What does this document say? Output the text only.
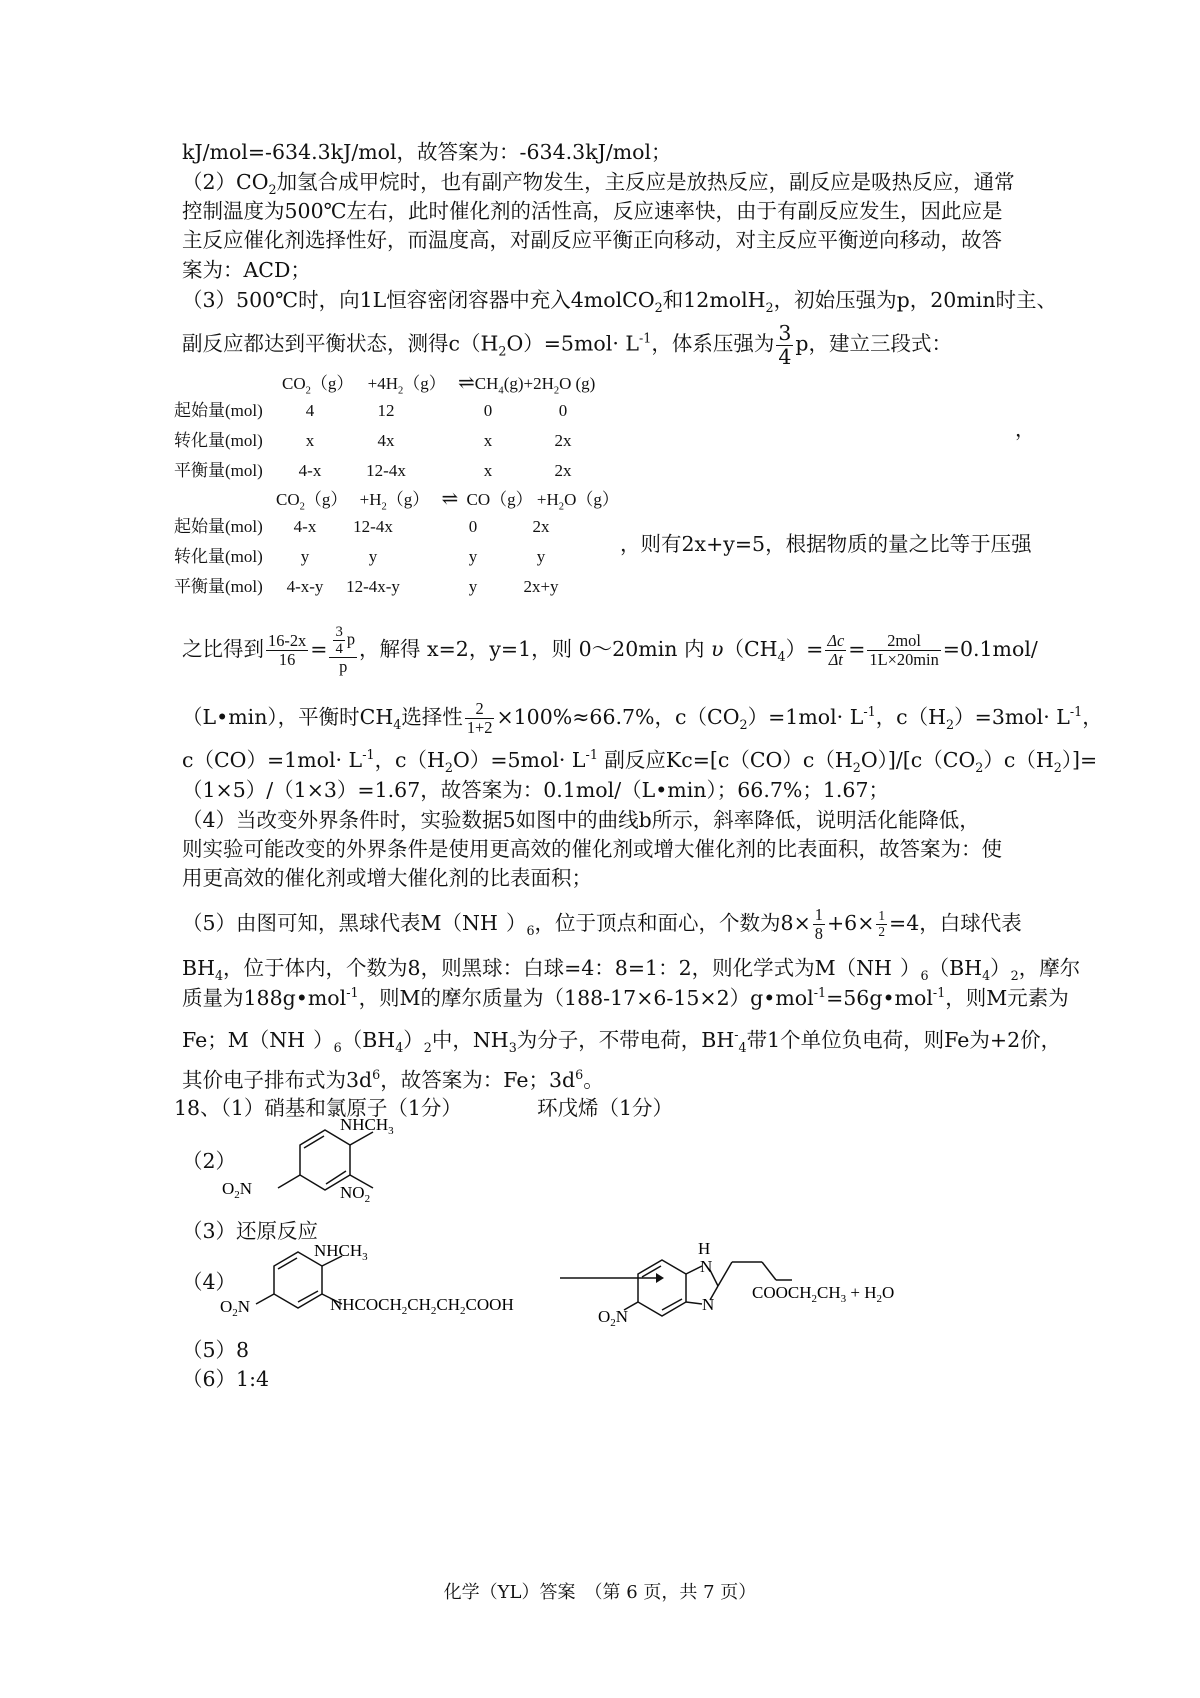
kJ/mol=-634.3kJ/mol，故答案为：-634.3kJ/mol；
$(2)CO_2$加氢合成甲烷时，也有副产物发生，主反应是放热反应，副反应是吸热反应，通常
控制温度为500℃左右，此时催化剂的活性高，反应速率快，由于有副反应发生，因此应是
主反应催化剂选择性好，而温度高，对副反应平衡正向移动，对主反应平衡逆向移动，故答
案为：ACD；
（3）500℃时，向1L恒容密闭容器中充入4molCO$_2$和12molH$_2$，初始压强为p，20min时主、
副反应都达到平衡状态，测得$c(H_2O)=5mol\cdot L^{-1}$，体系压强为 $\frac{3}{4}$ p，建立三段式：
$CO_2(g) +4H_2(g)$ $\rightleftharpoons CH_4(g)+2H_2O$ (g)
起始量(mol)	4	12	0	0
转化量(mol)	x	4x	x	2x
平衡量(mol)	4-x	12-4x	x	2x
，
$CO_2(g) +H_2(g)$ ⇌ $CO(g) +H_2O(g)$
起始量(mol)	4-x	12-4x	0	2x
转化量(mol)	y	y	y	y
平衡量(mol)	4-x-y	12-4x-y	y	2x+y
，则有2x+y=5，根据物质的量之比等于压强
之比得到 $\frac{16-2x}{16} = \frac{\frac{3}{4} p}{p}$ ，解得 x=2，y=1，则 0～20min 内 $\upsilon(CH_4)= \frac{\Delta c}{\Delta t} = \frac{\text{2mol}}{1L\times 20\min} =0.1mol/$
（L•min），平衡时$CH_4$选择性 $\frac{2}{1+2} \times 100\%\approx 66.7\%$，$c(CO_2)=1mol\cdot L^{-1}$，$c(H_2)=3mol\cdot L^{-1}$，
$c(CO)=1mol\cdot L^{-1}$，$c(H_2O)=5mol\cdot L^{-1}$ 副反应$Kc=[c(CO)c(H_2O)]/[c(CO_2)c(H_2)]=$
（1×5）/（1×3）=1.67，故答案为：0.1mol/（L•min）；66.7%；1.67；
（4）当改变外界条件时，实验数据5如图中的曲线b所示，斜率降低，说明活化能降低，
则实验可能改变的外界条件是使用更高效的催化剂或增大催化剂的比表面积，故答案为：使
用更高效的催化剂或增大催化剂的比表面积；
（5）由图可知，黑球代表M（NH ）$_6$，位于顶点和面心，个数为$8\times \frac{1}{8} +6\times \frac{1}{2} =4$，白球代表
$BH_4$，位于体内，个数为8，则黑球：白球=4：8=1：2，则化学式为M（NH ）$_6(BH_4)_2$，摩尔
质量为188g•mol$^{-1}$，则M的摩尔质量为（188-17×6-15×2）g•mol$^{-1}$=56g•mol$^{-1}$，则M元素为
Fe；M（NH ）$_6(BH_4)_2$中，$NH_3$为分子，不带电荷，$BH^-_4$带1个单位负电荷，则Fe为+2价，
其价电子排布式为$3d^6$，故答案为：Fe；$3d^6$。
18、（1）硝基和氯原子（1分）	环戊烯（1分）
（2）
（3）还原反应
（4）
（5）8
（6）1:4
$NHCH_3$
$O_2N$	$NO_2$
$NHCH_3$
$O_2N$	$NHCOCH_2CH_2CH_2COOH$
H
N
N
$O_2N$
$COOCH_2CH_3 + H_2O$
化学（YL）答案　（第 6 页，共 7 页）
